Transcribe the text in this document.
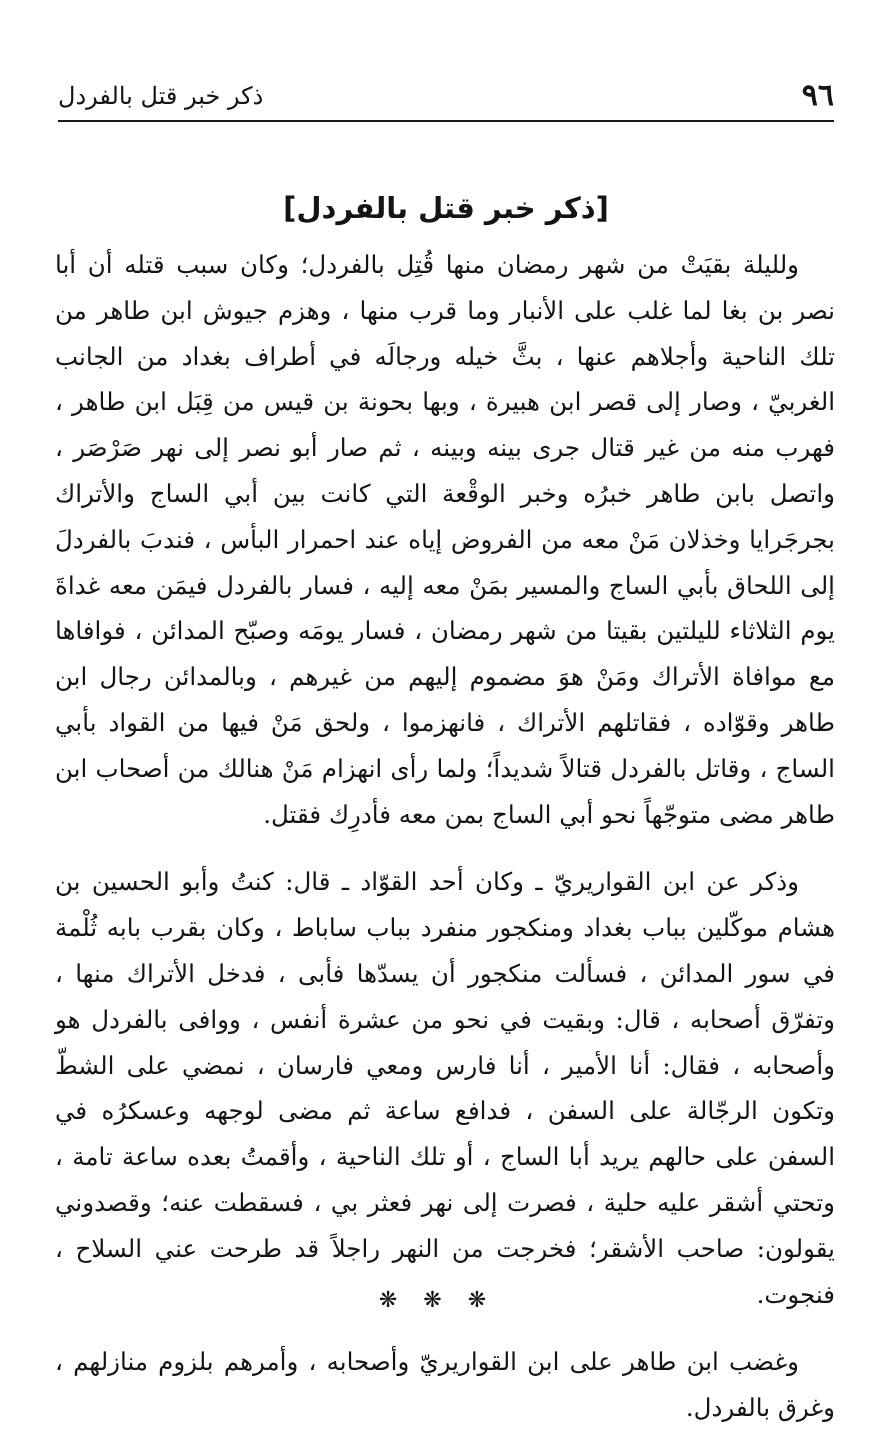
٩٦
ذكر خبر قتل بالفردل
[ذكر خبر قتل بالفردل]

ولليلة بقيَتْ من شهر رمضان منها قُتِل بالفردل؛ وكان سبب قتله أن أبا نصر بن بغا لما غلب على الأنبار وما قرب منها ، وهزم جيوش ابن طاهر من تلك الناحية وأجلاهم عنها ، بثَّ خيله ورجالَه في أطراف بغداد من الجانب الغربيّ ، وصار إلى قصر ابن هبيرة ، وبها بحونة بن قيس من قِبَل ابن طاهر ، فهرب منه من غير قتال جرى بينه وبينه ، ثم صار أبو نصر إلى نهر صَرْصَر ، واتصل بابن طاهر خبرُه وخبر الوقْعة التي كانت بين أبي الساج والأتراك بجرجَرايا وخذلان مَنْ معه من الفروض إياه عند احمرار البأس ، فندبَ بالفردلَ إلى اللحاق بأبي الساج والمسير بمَنْ معه إليه ، فسار بالفردل فيمَن معه غداةَ يوم الثلاثاء لليلتين بقيتا من شهر رمضان ، فسار يومَه وصبّح المدائن ، فوافاها مع موافاة الأتراك ومَنْ هوَ مضموم إليهم من غيرهم ، وبالمدائن رجال ابن طاهر وقوّاده ، فقاتلهم الأتراك ، فانهزموا ، ولحق مَنْ فيها من القواد بأبي الساج ، وقاتل بالفردل قتالاً شديداً؛ ولما رأى انهزام مَنْ هنالك من أصحاب ابن طاهر مضى متوجّهاً نحو أبي الساج بمن معه فأدرِك فقتل.

وذكر عن ابن القواريريّ ـ وكان أحد القوّاد ـ قال: كنتُ وأبو الحسين بن هشام موكّلين بباب بغداد ومنكجور منفرد بباب ساباط ، وكان بقرب بابه ثُلْمة في سور المدائن ، فسألت منكجور أن يسدّها فأبى ، فدخل الأتراك منها ، وتفرّق أصحابه ، قال: وبقيت في نحو من عشرة أنفس ، ووافى بالفردل هو وأصحابه ، فقال: أنا الأمير ، أنا فارس ومعي فارسان ، نمضي على الشطّ وتكون الرجّالة على السفن ، فدافع ساعة ثم مضى لوجهه وعسكرُه في السفن على حالهم يريد أبا الساج ، أو تلك الناحية ، وأقمتُ بعده ساعة تامة ، وتحتي أشقر عليه حلية ، فصرت إلى نهر فعثر بي ، فسقطت عنه؛ وقصدوني يقولون: صاحب الأشقر؛ فخرجت من النهر راجلاً قد طرحت عني السلاح ، فنجوت.

وغضب ابن طاهر على ابن القواريريّ وأصحابه ، وأمرهم بلزوم منازلهم ، وغرق بالفردل.

❋❋❋
